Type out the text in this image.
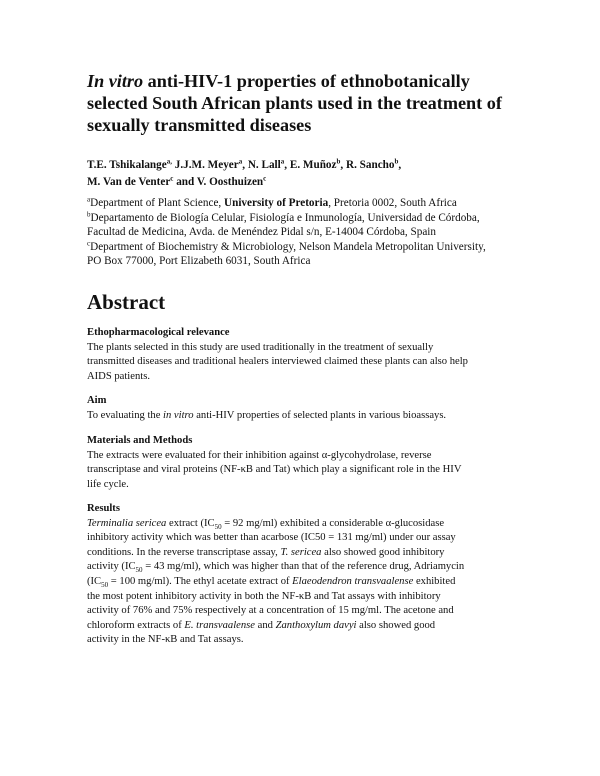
In vitro anti-HIV-1 properties of ethnobotanically
selected South African plants used in the treatment of
sexually transmitted diseases
T.E. Tshikalange$^{a,}$ J.J.M. Meyer$^a$, N. Lall$^a$, E. Muñoz$^b$, R. Sancho$^b$,
M. Van de Venter$^c$ and V. Oosthuizen$^c$
$^a$Department of Plant Science, University of Pretoria, Pretoria 0002, South Africa
$^b$Departamento de Biología Celular, Fisiología e Inmunología, Universidad de Córdoba,
Facultad de Medicina, Avda. de Menéndez Pidal s/n, E-14004 Córdoba, Spain
$^c$Department of Biochemistry & Microbiology, Nelson Mandela Metropolitan University,
PO Box 77000, Port Elizabeth 6031, South Africa
Abstract
Ethopharmacological relevance
The plants selected in this study are used traditionally in the treatment of sexually
transmitted diseases and traditional healers interviewed claimed these plants can also help
AIDS patients.
Aim
To evaluating the in vitro anti-HIV properties of selected plants in various bioassays.
Materials and Methods
The extracts were evaluated for their inhibition against α-glycohydrolase, reverse
transcriptase and viral proteins (NF-κB and Tat) which play a significant role in the HIV
life cycle.
Results
Terminalia sericea extract ($IC_{50} = 92$ mg/ml) exhibited a considerable α-glucosidase
inhibitory activity which was better than acarbose (IC50 = 131 mg/ml) under our assay
conditions. In the reverse transcriptase assay, T. sericea also showed good inhibitory
activity ($IC_{50} = 43$ mg/ml), which was higher than that of the reference drug, Adriamycin
($IC_{50} = 100$ mg/ml). The ethyl acetate extract of Elaeodendron transvaalense exhibited
the most potent inhibitory activity in both the NF-κB and Tat assays with inhibitory
activity of 76% and 75% respectively at a concentration of 15 mg/ml. The acetone and
chloroform extracts of E. transvaalense and Zanthoxylum davyi also showed good
activity in the NF-κB and Tat assays.
